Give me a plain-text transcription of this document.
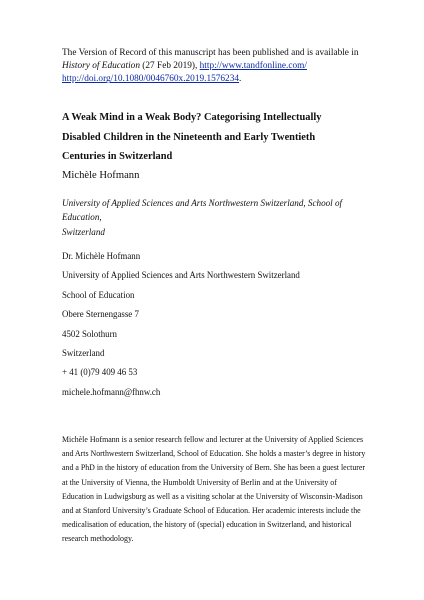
The Version of Record of this manuscript has been published and is available in History of Education (27 Feb 2019), http://www.tandfonline.com/
http://doi.org/10.1080/0046760x.2019.1576234.
A Weak Mind in a Weak Body? Categorising Intellectually
Disabled Children in the Nineteenth and Early Twentieth
Centuries in Switzerland
Michèle Hofmann
University of Applied Sciences and Arts Northwestern Switzerland, School of Education,
Switzerland
Dr. Michèle Hofmann
University of Applied Sciences and Arts Northwestern Switzerland
School of Education
Obere Sternengasse 7
4502 Solothurn
Switzerland
+ 41 (0)79 409 46 53
michele.hofmann@fhnw.ch
Michèle Hofmann is a senior research fellow and lecturer at the University of Applied Sciences
and Arts Northwestern Switzerland, School of Education. She holds a master’s degree in history
and a PhD in the history of education from the University of Bern. She has been a guest lecturer
at the University of Vienna, the Humboldt University of Berlin and at the University of
Education in Ludwigsburg as well as a visiting scholar at the University of Wisconsin-Madison
and at Stanford University’s Graduate School of Education. Her academic interests include the
medicalisation of education, the history of (special) education in Switzerland, and historical
research methodology.
